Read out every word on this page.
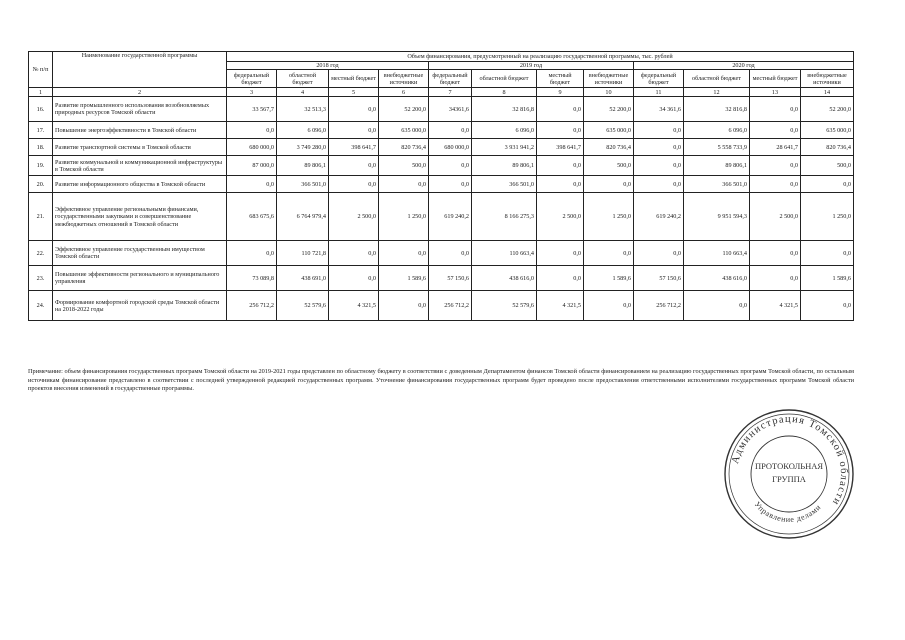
№ п/п	Наименование государственной программы	Объем финансирования, предусмотренный на реализацию государственной программы, тыс. рублей											
		2018 год				2019 год				2020 год			
		федеральный бюджет	областной бюджет	местный бюджет	внебюджетные источники	федеральный бюджет	областной бюджет	местный бюджет	внебюджетные источники	федеральный бюджет	областной бюджет	местный бюджет	внебюджетные источники
1	2	3	4	5	6	7	8	9	10	11	12	13	14
16.	Развитие промышленного использования возобновляемых природных ресурсов Томской области	33 567,7	32 513,3	0,0	52 200,0	34361,6	32 816,8	0,0	52 200,0	34 361,6	32 816,8	0,0	52 200,0
17.	Повышение энергоэффективности в Томской области	0,0	6 096,0	0,0	635 000,0	0,0	6 096,0	0,0	635 000,0	0,0	6 096,0	0,0	635 000,0
18.	Развитие транспортной системы в Томской области	680 000,0	3 749 280,0	398 641,7	820 736,4	680 000,0	3 931 941,2	398 641,7	820 736,4	0,0	5 558 733,9	28 641,7	820 736,4
19.	Развитие коммунальной и коммуникационной инфраструктуры в Томской области	87 000,0	89 806,1	0,0	500,0	0,0	89 806,1	0,0	500,0	0,0	89 806,1	0,0	500,0
20.	Развитие информационного общества в Томской области	0,0	366 501,0	0,0	0,0	0,0	366 501,0	0,0	0,0	0,0	366 501,0	0,0	0,0
21.	Эффективное управление региональными финансами, государственными закупками и совершенствование межбюджетных отношений в Томской области	683 675,6	6 764 979,4	2 500,0	1 250,0	619 240,2	8 166 275,3	2 500,0	1 250,0	619 240,2	9 951 594,3	2 500,0	1 250,0
22.	Эффективное управление государственным имуществом Томской области	0,0	110 721,8	0,0	0,0	0,0	110 663,4	0,0	0,0	0,0	110 663,4	0,0	0,0
23.	Повышение эффективности регионального и муниципального управления	73 089,8	438 691,0	0,0	1 589,6	57 150,6	438 616,0	0,0	1 589,6	57 150,6	438 616,0	0,0	1 589,6
24.	Формирование комфортной городской среды Томской области на 2018-2022 годы	256 712,2	52 579,6	4 321,5	0,0	256 712,2	52 579,6	4 321,5	0,0	256 712,2	0,0	4 321,5	0,0
Примечание: объем финансирования государственных программ Томской области на 2019-2021 годы представлен по областному бюджету в соответствии с доведенным Департаментом финансов Томской области финансированием на реализацию государственных программ Томской области, по остальным источникам финансирование представлено в соответствии с последней утвержденной редакцией государственных программ. Уточнение финансирования государственных программ будет проведено после предоставления ответственными исполнителями государственных программ Томской области проектов внесения изменений в государственные программы.
Администрация Томской области
Управление делами
ПРОТОКОЛЬНАЯ
ГРУППА
